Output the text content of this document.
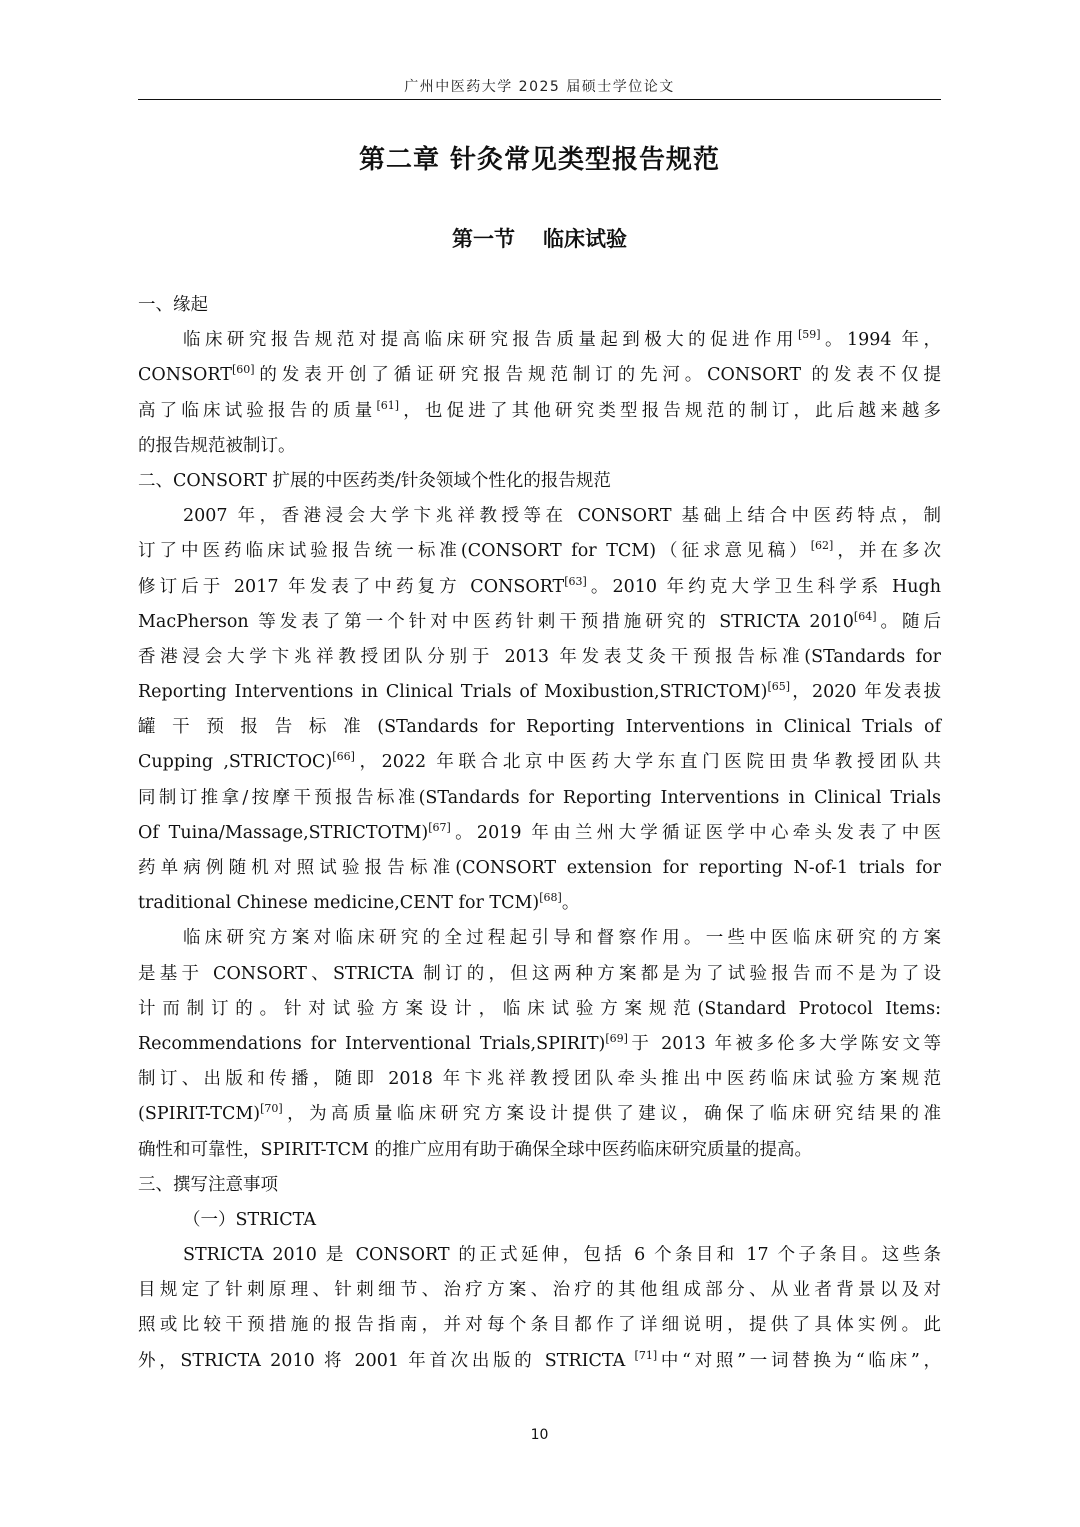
广州中医药大学 2025 届硕士学位论文
第二章 针灸常见类型报告规范
第一节 临床试验
一、缘起
临床研究报告规范对提高临床研究报告质量起到极大的促进作用[59]。1994 年，
CONSORT[60]的发表开创了循证研究报告规范制订的先河。CONSORT 的发表不仅提
高了临床试验报告的质量[61]，也促进了其他研究类型报告规范的制订，此后越来越多
的报告规范被制订。
二、CONSORT 扩展的中医药类/针灸领域个性化的报告规范
2007 年，香港浸会大学卞兆祥教授等在 CONSORT 基础上结合中医药特点，制
订了中医药临床试验报告统一标准(CONSORT for TCM)（征求意见稿）[62]，并在多次
修订后于 2017 年发表了中药复方 CONSORT[63]。2010 年约克大学卫生科学系 Hugh
MacPherson 等发表了第一个针对中医药针刺干预措施研究的 STRICTA 2010[64]。随后
香港浸会大学卞兆祥教授团队分别于 2013 年发表艾灸干预报告标准(STandards for
Reporting Interventions in Clinical Trials of Moxibustion,STRICTOM)[65]，2020 年发表拔
罐 干 预 报 告 标 准 (STandards for Reporting Interventions in Clinical Trials of
Cupping ,STRICTOC)[66]，2022 年联合北京中医药大学东直门医院田贵华教授团队共
同制订推拿/按摩干预报告标准(STandards for Reporting Interventions in Clinical Trials
Of Tuina/Massage,STRICTOTM)[67]。2019 年由兰州大学循证医学中心牵头发表了中医
药单病例随机对照试验报告标准(CONSORT extension for reporting N-of-1 trials for
traditional Chinese medicine,CENT for TCM)[68]。
临床研究方案对临床研究的全过程起引导和督察作用。一些中医临床研究的方案
是基于 CONSORT、STRICTA 制订的，但这两种方案都是为了试验报告而不是为了设
计而制订的。针对试验方案设计，临床试验方案规范(Standard Protocol Items:
Recommendations for Interventional Trials,SPIRIT)[69]于 2013 年被多伦多大学陈安文等
制订、出版和传播，随即 2018 年卞兆祥教授团队牵头推出中医药临床试验方案规范
(SPIRIT-TCM)[70]，为高质量临床研究方案设计提供了建议，确保了临床研究结果的准
确性和可靠性，SPIRIT-TCM 的推广应用有助于确保全球中医药临床研究质量的提高。
三、撰写注意事项
（一）STRICTA
STRICTA 2010 是 CONSORT 的正式延伸，包括 6 个条目和 17 个子条目。这些条
目规定了针刺原理、针刺细节、治疗方案、治疗的其他组成部分、从业者背景以及对
照或比较干预措施的报告指南，并对每个条目都作了详细说明，提供了具体实例。此
外，STRICTA 2010 将 2001 年首次出版的 STRICTA [71]中“对照”一词替换为“临床”，
10
